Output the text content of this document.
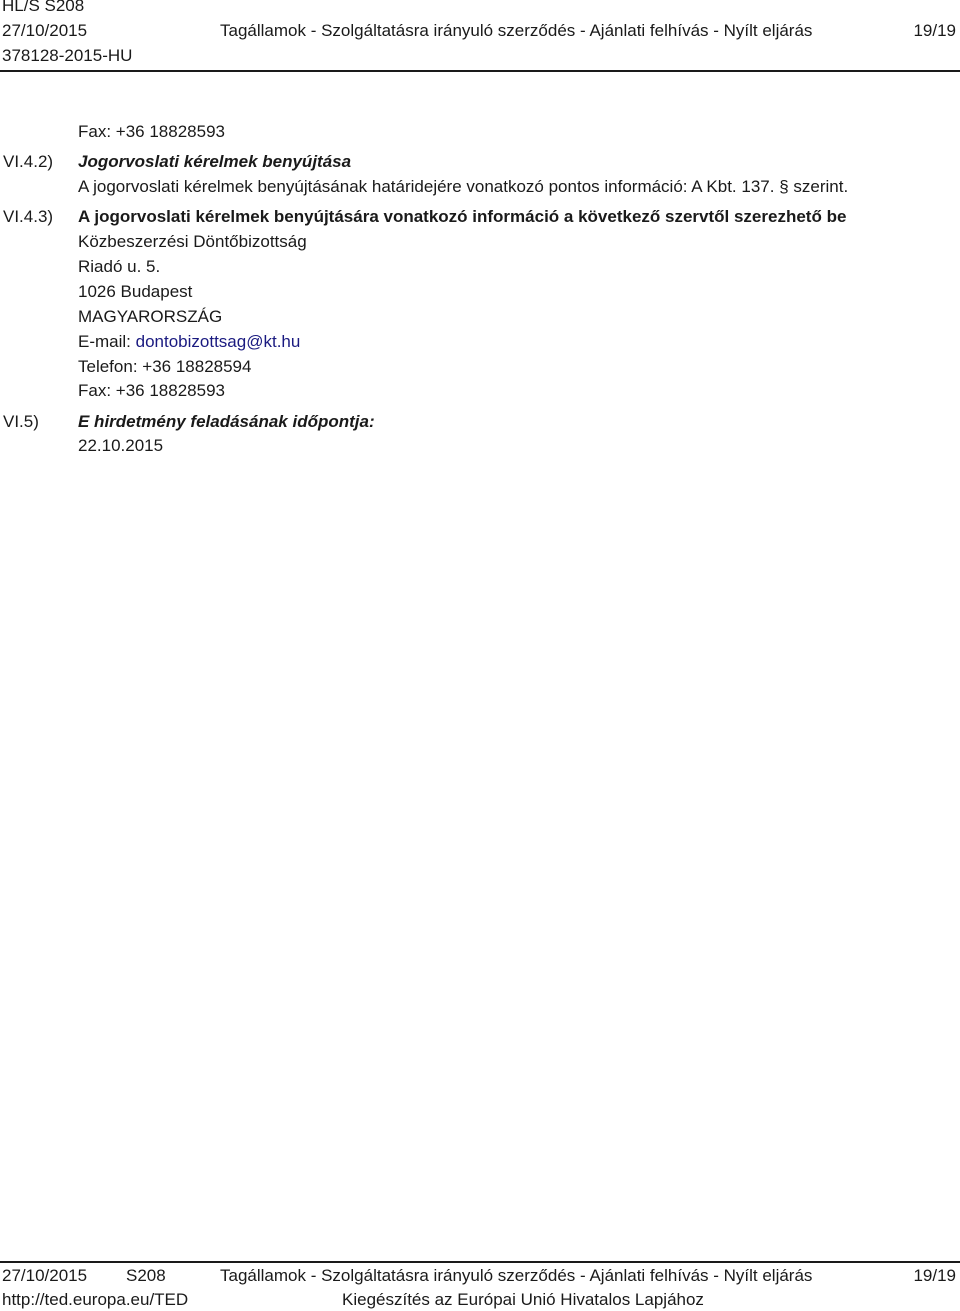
HL/S S208
27/10/2015
378128-2015-HU
Tagállamok - Szolgáltatásra irányuló szerződés - Ajánlati felhívás - Nyílt eljárás	19/19
Fax: +36 18828593
VI.4.2) Jogorvoslati kérelmek benyújtása
A jogorvoslati kérelmek benyújtásának határidejére vonatkozó pontos információ: A Kbt. 137. § szerint.
VI.4.3) A jogorvoslati kérelmek benyújtására vonatkozó információ a következő szervtől szerezhető be
Közbeszerzési Döntőbizottság
Riadó u. 5.
1026 Budapest
MAGYARORSZÁG
E-mail: dontobizottsag@kt.hu
Telefon: +36 18828594
Fax: +36 18828593
VI.5) E hirdetmény feladásának időpontja:
22.10.2015
27/10/2015 S208	Tagállamok - Szolgáltatásra irányuló szerződés - Ajánlati felhívás - Nyílt eljárás	19/19
http://ted.europa.eu/TED	Kiegészítés az Európai Unió Hivatalos Lapjához
